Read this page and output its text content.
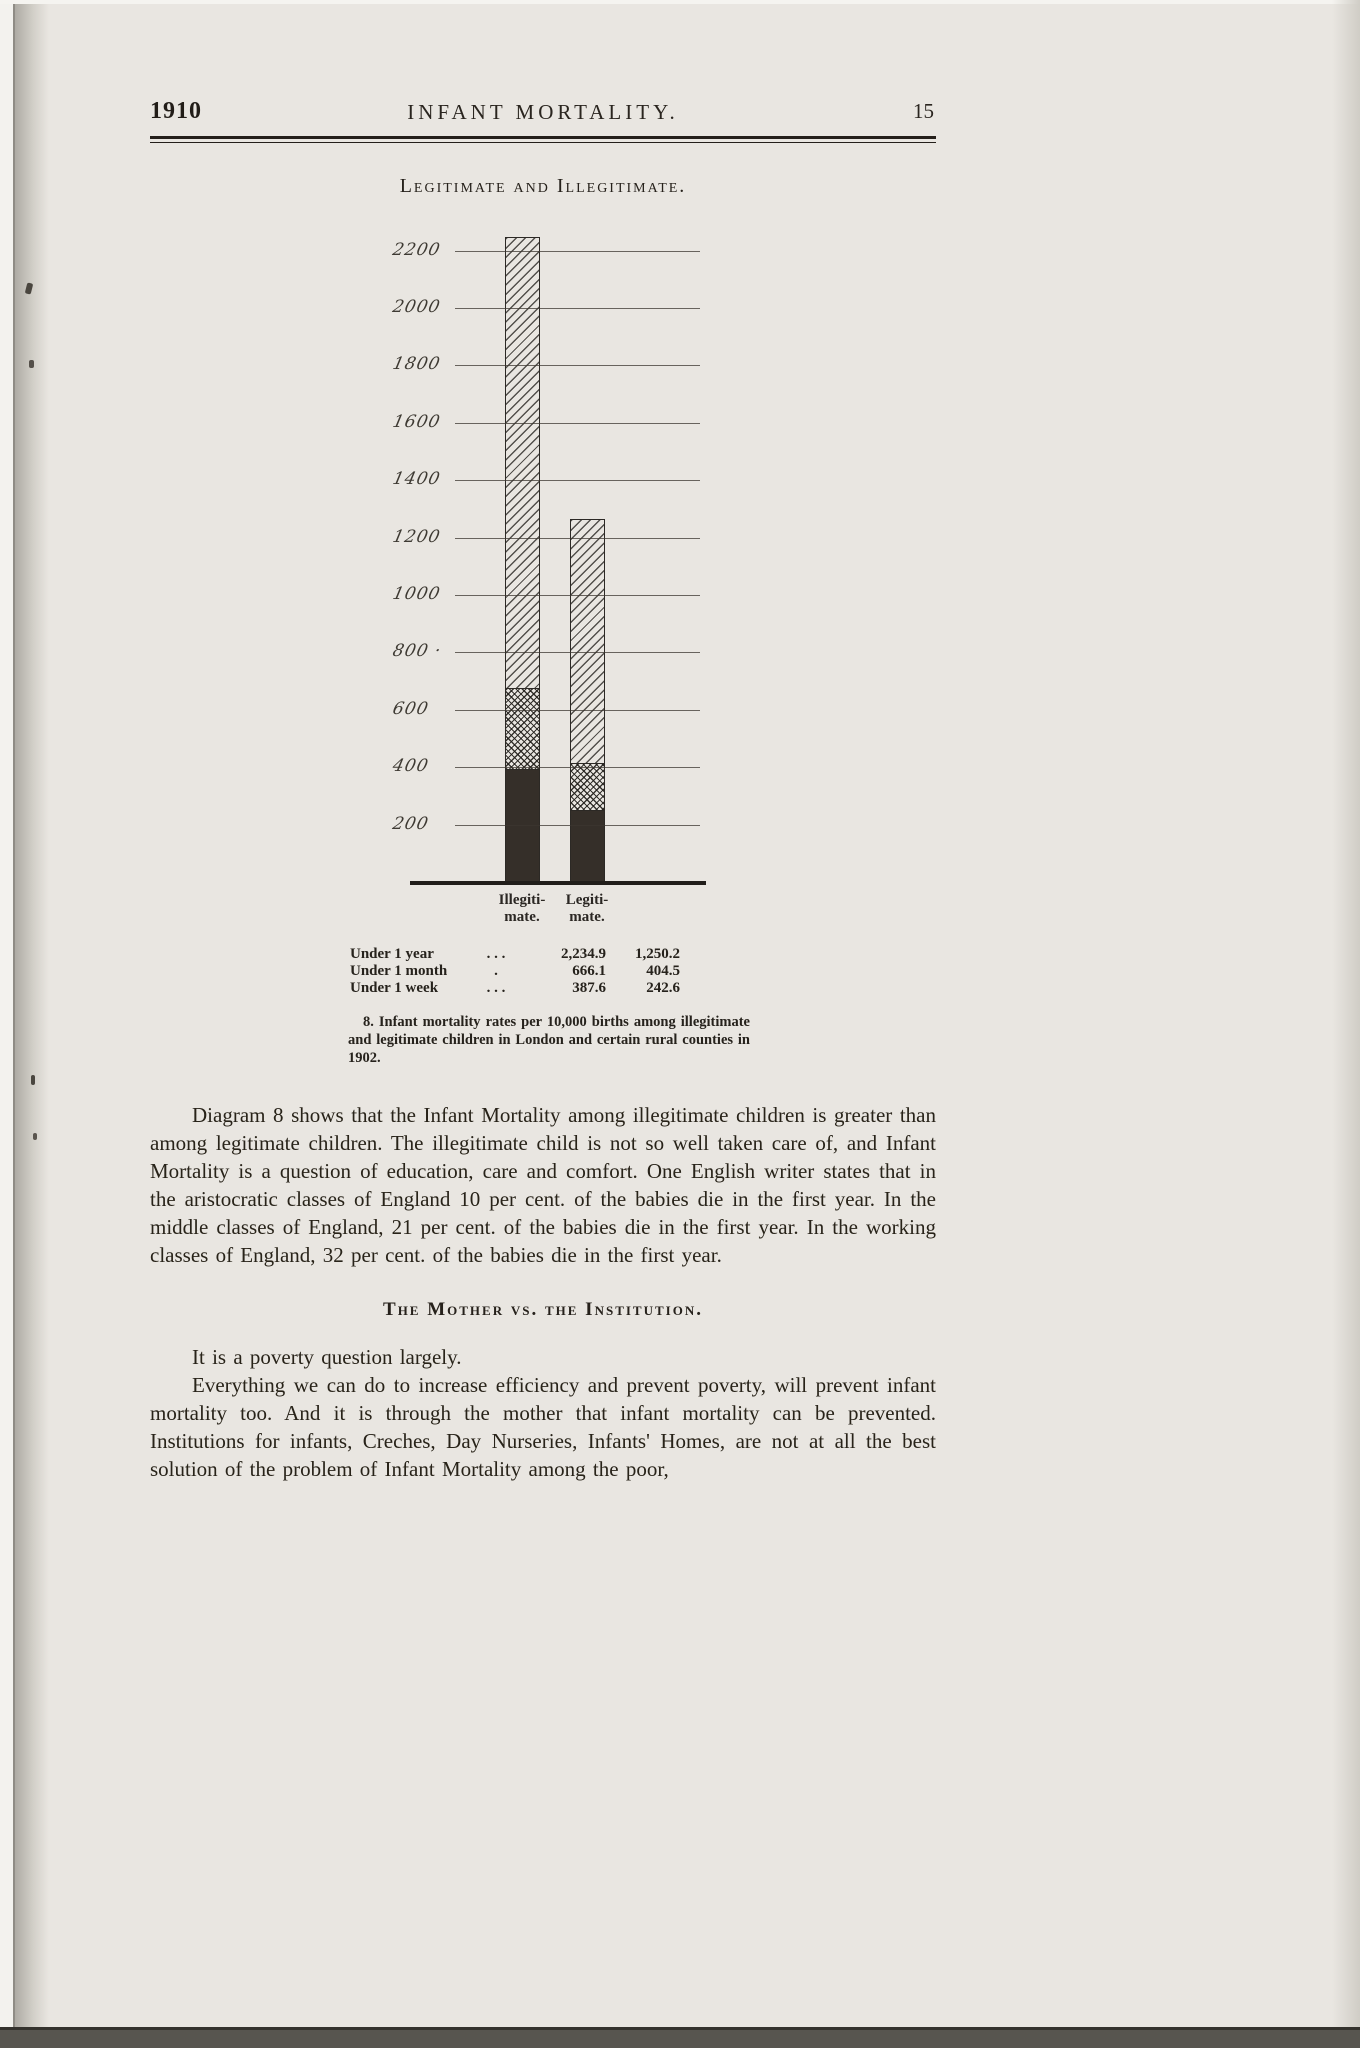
1910	INFANT MORTALITY.	15
Legitimate and Illegitimate.
2200
2000
1800
1600
1400
1200
1000
800 ·
600
400
200
Illegiti-
mate.
Legiti-
mate.
Under 1 year	. . .	2,234.9	1,250.2
Under 1 month	.	666.1	404.5
Under 1 week	. . .	387.6	242.6
8. Infant mortality rates per 10,000 births among illegitimate and legitimate children in London and certain rural counties in 1902.

Diagram 8 shows that the Infant Mortality among illegitimate children is greater than among legitimate children. The illegitimate child is not so well taken care of, and Infant Mortality is a question of education, care and comfort. One English writer states that in the aristocratic classes of England 10 per cent. of the babies die in the first year. In the middle classes of England, 21 per cent. of the babies die in the first year. In the working classes of England, 32 per cent. of the babies die in the first year.

The Mother vs. the Institution.

It is a poverty question largely.

Everything we can do to increase efficiency and prevent poverty, will prevent infant mortality too. And it is through the mother that infant mortality can be prevented. Institutions for infants, Creches, Day Nurseries, Infants' Homes, are not at all the best solution of the problem of Infant Mortality among the poor,
